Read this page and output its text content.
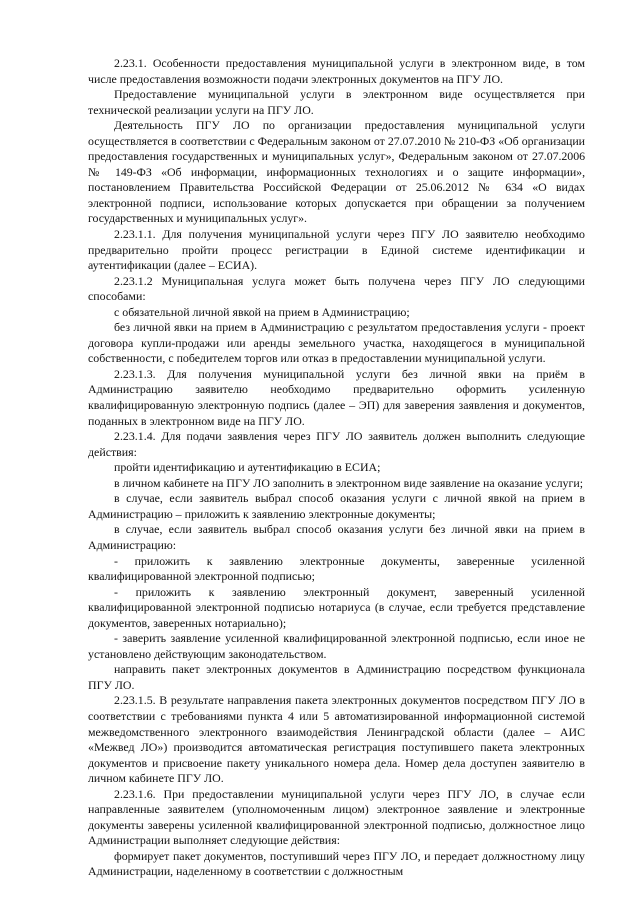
2.23.1. Особенности предоставления муниципальной услуги в электронном виде, в том числе предоставления возможности подачи электронных документов на ПГУ ЛО.

Предоставление муниципальной услуги в электронном виде осуществляется при технической реализации услуги на ПГУ ЛО.

Деятельность ПГУ ЛО по организации предоставления муниципальной услуги осуществляется в соответствии с Федеральным законом от 27.07.2010 № 210-ФЗ «Об организации предоставления государственных и муниципальных услуг», Федеральным законом от 27.07.2006 № 149-ФЗ «Об информации, информационных технологиях и о защите информации», постановлением Правительства Российской Федерации от 25.06.2012 № 634 «О видах электронной подписи, использование которых допускается при обращении за получением государственных и муниципальных услуг».

2.23.1.1. Для получения муниципальной услуги через ПГУ ЛО заявителю необходимо предварительно пройти процесс регистрации в Единой системе идентификации и аутентификации (далее – ЕСИА).

2.23.1.2 Муниципальная услуга может быть получена через ПГУ ЛО следующими способами:

с обязательной личной явкой на прием в Администрацию;

без личной явки на прием в Администрацию с результатом предоставления услуги - проект договора купли-продажи или аренды земельного участка, находящегося в муниципальной собственности, с победителем торгов или отказ в предоставлении муниципальной услуги.

2.23.1.3. Для получения муниципальной услуги без личной явки на приём в Администрацию заявителю необходимо предварительно оформить усиленную квалифицированную электронную подпись (далее – ЭП) для заверения заявления и документов, поданных в электронном виде на ПГУ ЛО.

2.23.1.4. Для подачи заявления через ПГУ ЛО заявитель должен выполнить следующие действия:

пройти идентификацию и аутентификацию в ЕСИА;

в личном кабинете на ПГУ ЛО заполнить в электронном виде заявление на оказание услуги;

в случае, если заявитель выбрал способ оказания услуги с личной явкой на прием в Администрацию – приложить к заявлению электронные документы;

в случае, если заявитель выбрал способ оказания услуги без личной явки на прием в Администрацию:

- приложить к заявлению электронные документы, заверенные усиленной квалифицированной электронной подписью;

- приложить к заявлению электронный документ, заверенный усиленной квалифицированной электронной подписью нотариуса (в случае, если требуется представление документов, заверенных нотариально);

- заверить заявление усиленной квалифицированной электронной подписью, если иное не установлено действующим законодательством.

направить пакет электронных документов в Администрацию посредством функционала ПГУ ЛО.

2.23.1.5. В результате направления пакета электронных документов посредством ПГУ ЛО в соответствии с требованиями пункта 4 или 5 автоматизированной информационной системой межведомственного электронного взаимодействия Ленинградской области (далее – АИС «Межвед ЛО») производится автоматическая регистрация поступившего пакета электронных документов и присвоение пакету уникального номера дела. Номер дела доступен заявителю в личном кабинете ПГУ ЛО.

2.23.1.6. При предоставлении муниципальной услуги через ПГУ ЛО, в случае если направленные заявителем (уполномоченным лицом) электронное заявление и электронные документы заверены усиленной квалифицированной электронной подписью, должностное лицо Администрации выполняет следующие действия:

формирует пакет документов, поступивший через ПГУ ЛО, и передает должностному лицу Администрации, наделенному в соответствии с должностным
